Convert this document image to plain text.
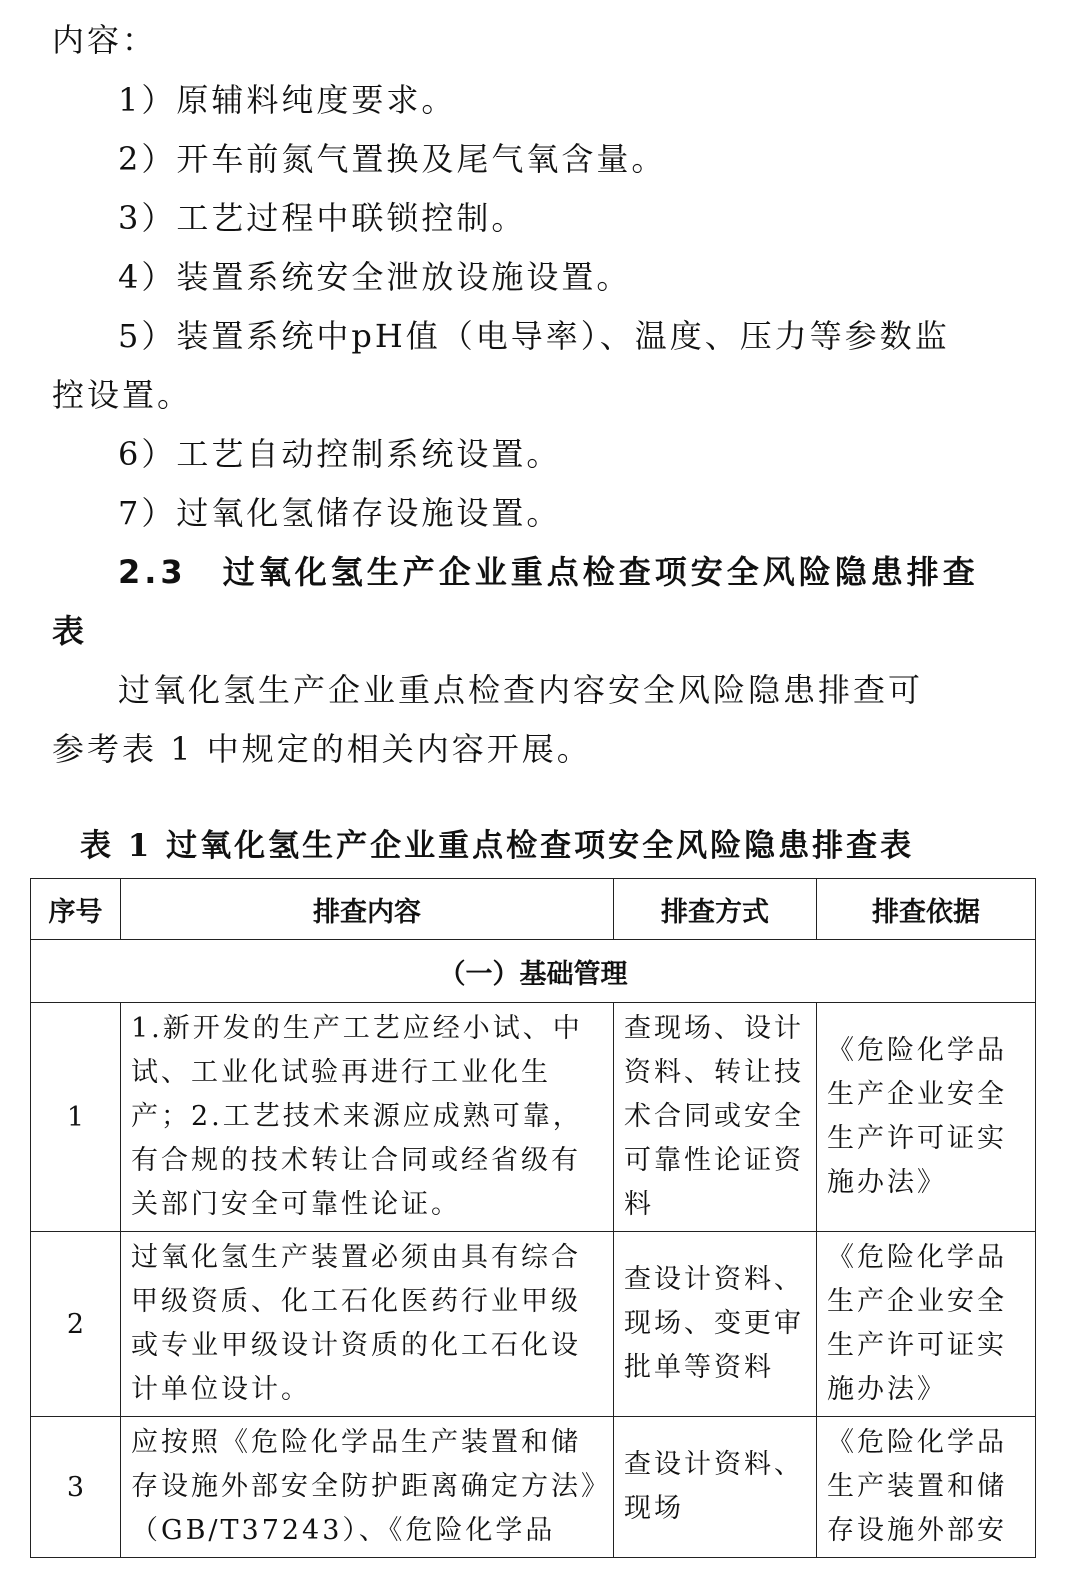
内容：
1）原辅料纯度要求。
2）开车前氮气置换及尾气氧含量。
3）工艺过程中联锁控制。
4）装置系统安全泄放设施设置。
5）装置系统中pH值（电导率）、温度、压力等参数监
控设置。
6）工艺自动控制系统设置。
7）过氧化氢储存设施设置。
2.3　过氧化氢生产企业重点检查项安全风险隐患排查
表
过氧化氢生产企业重点检查内容安全风险隐患排查可
参考表 1 中规定的相关内容开展。
表 1 过氧化氢生产企业重点检查项安全风险隐患排查表
序号	排查内容	排查方式	排查依据
（一）基础管理			
1	1.新开发的生产工艺应经小试、中试、工业化试验再进行工业化生产；2.工艺技术来源应成熟可靠，有合规的技术转让合同或经省级有关部门安全可靠性论证。	查现场、设计资料、转让技术合同或安全可靠性论证资料	《危险化学品生产企业安全生产许可证实施办法》
2	过氧化氢生产装置必须由具有综合甲级资质、化工石化医药行业甲级或专业甲级设计资质的化工石化设计单位设计。	查设计资料、现场、变更审批单等资料	《危险化学品生产企业安全生产许可证实施办法》
3	应按照《危险化学品生产装置和储存设施外部安全防护距离确定方法》（GB/T37243）、《危险化学品	查设计资料、现场	《危险化学品生产装置和储存设施外部安
